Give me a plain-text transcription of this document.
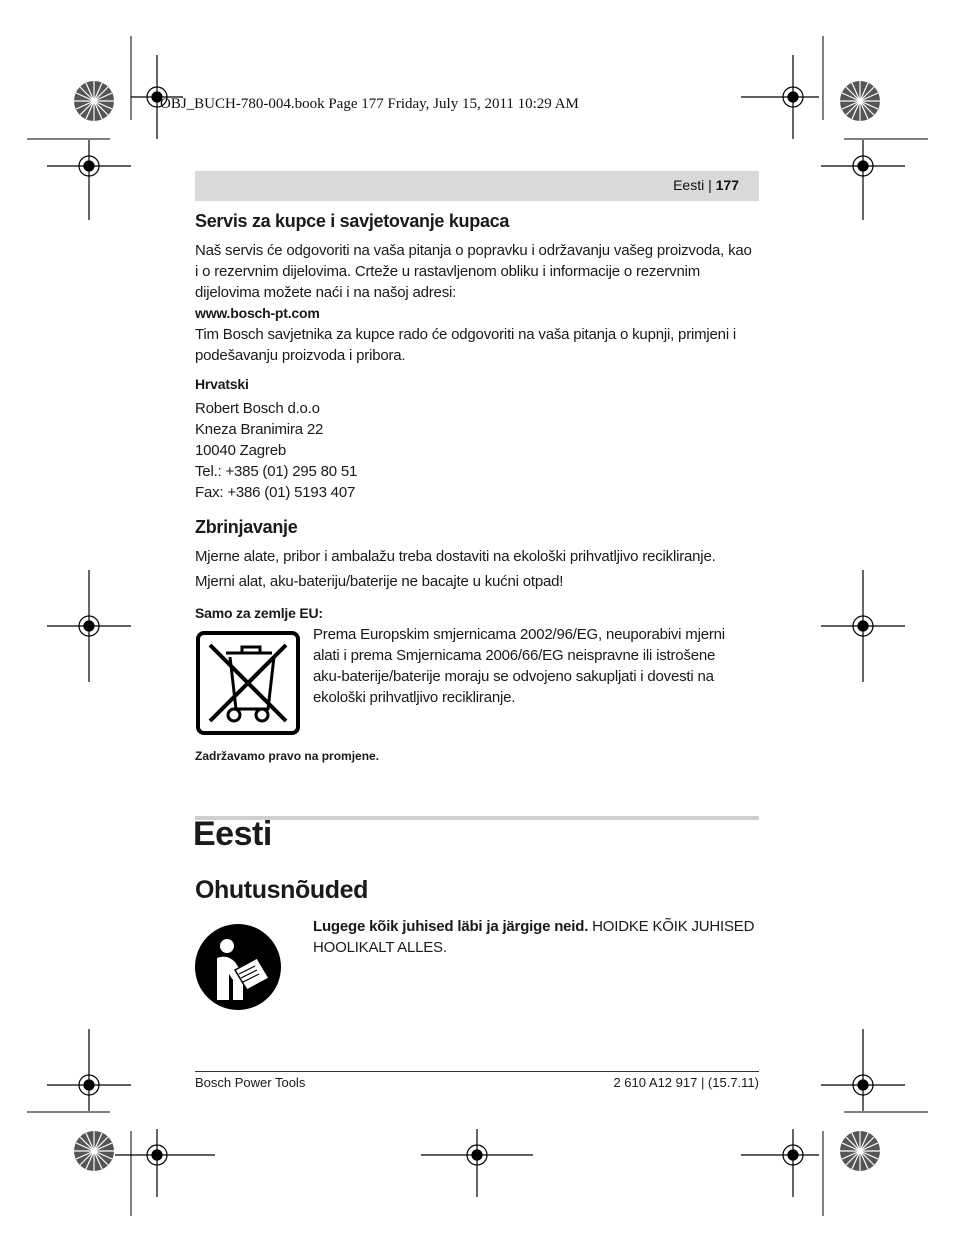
OBJ_BUCH-780-004.book Page 177 Friday, July 15, 2011 10:29 AM
Eesti | 177
Servis za kupce i savjetovanje kupaca
Naš servis će odgovoriti na vaša pitanja o popravku i održavanju vašeg proizvoda, kao
i o rezervnim dijelovima. Crteže u rastavljenom obliku i informacije o rezervnim
dijelovima možete naći i na našoj adresi:
www.bosch-pt.com
Tim Bosch savjetnika za kupce rado će odgovoriti na vaša pitanja o kupnji, primjeni i
podešavanju proizvoda i pribora.
Hrvatski
Robert Bosch d.o.o
Kneza Branimira 22
10040 Zagreb
Tel.: +385 (01) 295 80 51
Fax: +386 (01) 5193 407
Zbrinjavanje
Mjerne alate, pribor i ambalažu treba dostaviti na ekološki prihvatljivo recikliranje.
Mjerni alat, aku-bateriju/baterije ne bacajte u kućni otpad!
Samo za zemlje EU:
Prema Europskim smjernicama 2002/96/EG, neuporabivi mjerni
alati i prema Smjernicama 2006/66/EG neispravne ili istrošene
aku-baterije/baterije moraju se odvojeno sakupljati i dovesti na
ekološki prihvatljivo recikliranje.
Zadržavamo pravo na promjene.
Eesti
Ohutusnõuded
Lugege kõik juhised läbi ja järgige neid. HOIDKE KÕIK JUHISED
HOOLIKALT ALLES.
Bosch Power Tools	2 610 A12 917 | (15.7.11)
